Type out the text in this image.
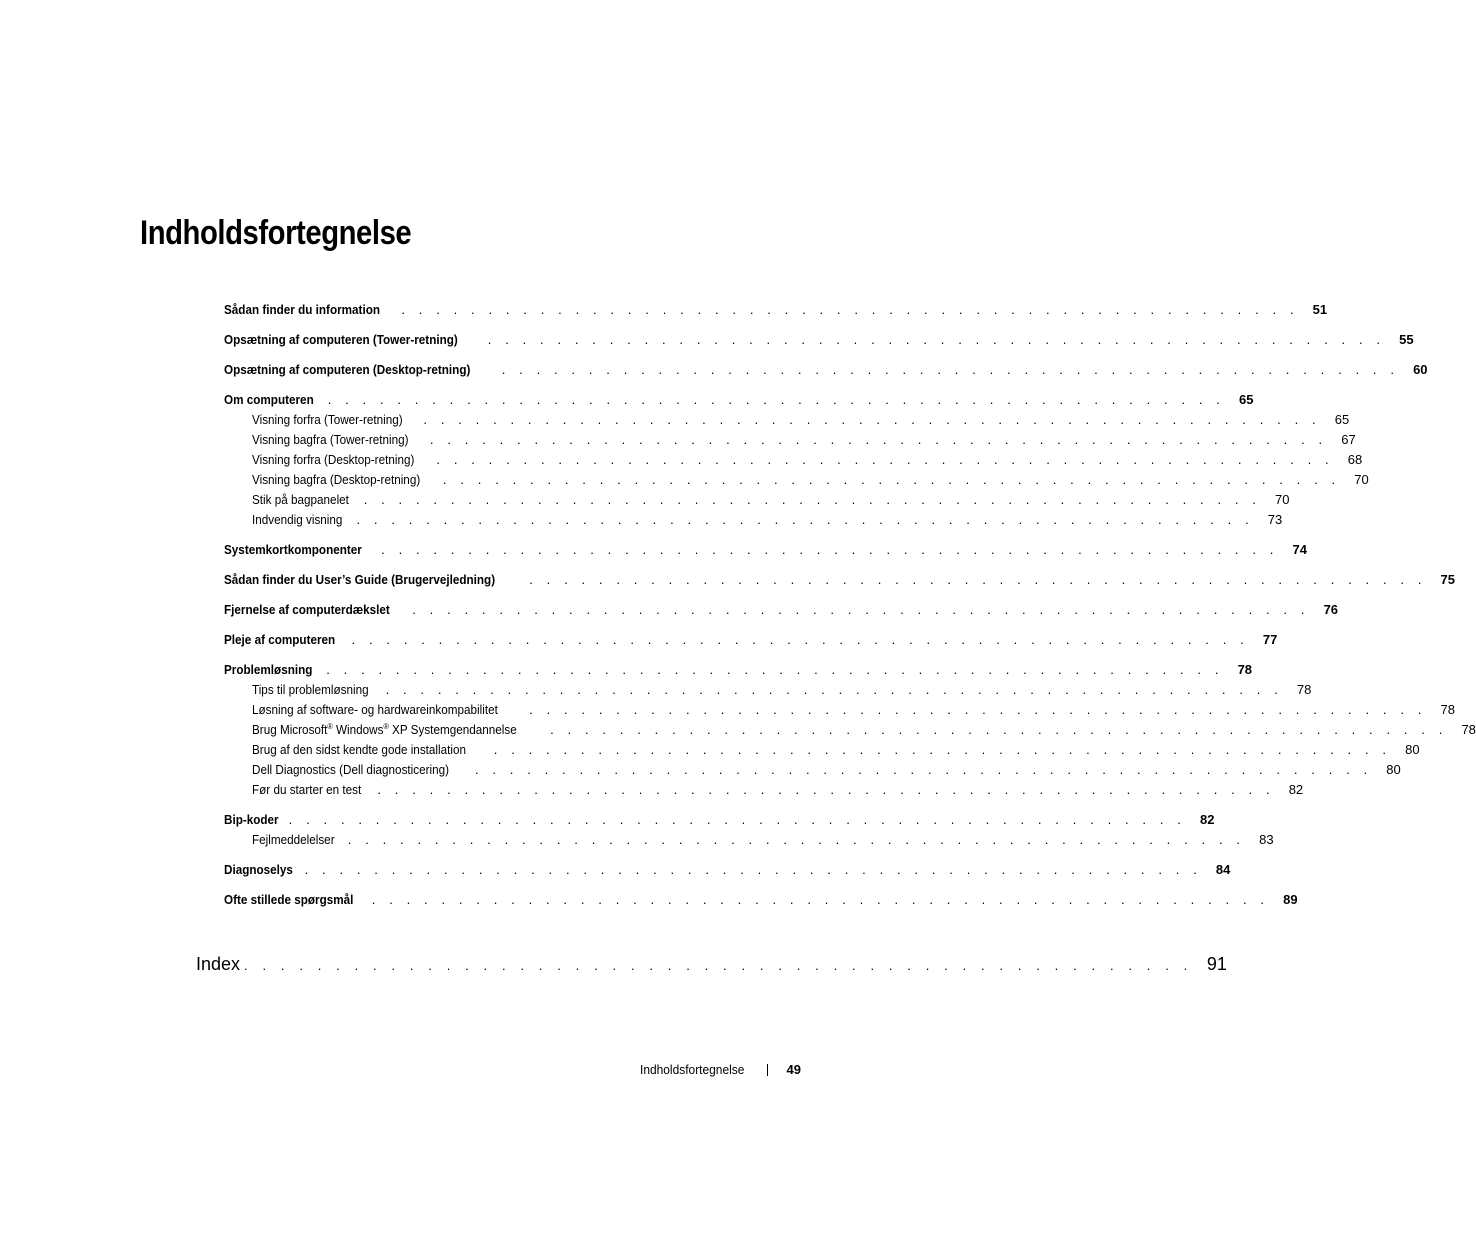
Indholdsfortegnelse
Sådan finder du information . . . . . . . . . . . . . . . . . . . . . . . . . . . . . . . . . . . . . . . . . . . . . . . . . . . . 51
Opsætning af computeren (Tower-retning) . . . . . . . . . . . . . . . . . . . . . . . . . . . . . . . . . . . . . . . . . . . . . . . . . . . . 55
Opsætning af computeren (Desktop-retning) . . . . . . . . . . . . . . . . . . . . . . . . . . . . . . . . . . . . . . . . . . . . . . . . . . . . 60
Om computeren . . . . . . . . . . . . . . . . . . . . . . . . . . . . . . . . . . . . . . . . . . . . . . . . . . . . 65
Visning forfra (Tower-retning) . . . . . . . . . . . . . . . . . . . . . . . . . . . . . . . . . . . . . . . . . . . . . . . . . . . . 65
Visning bagfra (Tower-retning) . . . . . . . . . . . . . . . . . . . . . . . . . . . . . . . . . . . . . . . . . . . . . . . . . . . . 67
Visning forfra (Desktop-retning) . . . . . . . . . . . . . . . . . . . . . . . . . . . . . . . . . . . . . . . . . . . . . . . . . . . . 68
Visning bagfra (Desktop-retning) . . . . . . . . . . . . . . . . . . . . . . . . . . . . . . . . . . . . . . . . . . . . . . . . . . . . 70
Stik på bagpanelet . . . . . . . . . . . . . . . . . . . . . . . . . . . . . . . . . . . . . . . . . . . . . . . . . . . . 70
Indvendig visning . . . . . . . . . . . . . . . . . . . . . . . . . . . . . . . . . . . . . . . . . . . . . . . . . . . . 73
Systemkortkomponenter . . . . . . . . . . . . . . . . . . . . . . . . . . . . . . . . . . . . . . . . . . . . . . . . . . . . 74
Sådan finder du User’s Guide (Brugervejledning)	. . . . . . . . . . . . . . . . . . . . . . . . . . . . . . . . . . . . . . . . . . . . . . . . . . . . 75
Fjernelse af computerdækslet . . . . . . . . . . . . . . . . . . . . . . . . . . . . . . . . . . . . . . . . . . . . . . . . . . . . 76
Pleje af computeren . . . . . . . . . . . . . . . . . . . . . . . . . . . . . . . . . . . . . . . . . . . . . . . . . . . . 77
Problemløsning . . . . . . . . . . . . . . . . . . . . . . . . . . . . . . . . . . . . . . . . . . . . . . . . . . . . 78
Tips til problemløsning . . . . . . . . . . . . . . . . . . . . . . . . . . . . . . . . . . . . . . . . . . . . . . . . . . . . 78
Løsning af software- og hardwareinkompabilitet . . . . . . . . . . . . . . . . . . . . . . . . . . . . . . . . . . . . . . . . . . . . . . . . . . . . 78
Brug Microsoft® Windows® XP Systemgendannelse	. . . . . . . . . . . . . . . . . . . . . . . . . . . . . . . . . . . . . . . . . . . . . . . . . . . . 78
Brug af den sidst kendte gode installation . . . . . . . . . . . . . . . . . . . . . . . . . . . . . . . . . . . . . . . . . . . . . . . . . . . . 80
Dell Diagnostics (Dell diagnosticering) . . . . . . . . . . . . . . . . . . . . . . . . . . . . . . . . . . . . . . . . . . . . . . . . . . . . 80
Før du starter en test . . . . . . . . . . . . . . . . . . . . . . . . . . . . . . . . . . . . . . . . . . . . . . . . . . . . 82
Bip-koder . . . . . . . . . . . . . . . . . . . . . . . . . . . . . . . . . . . . . . . . . . . . . . . . . . . . 82
Fejlmeddelelser . . . . . . . . . . . . . . . . . . . . . . . . . . . . . . . . . . . . . . . . . . . . . . . . . . . . 83
Diagnoselys . . . . . . . . . . . . . . . . . . . . . . . . . . . . . . . . . . . . . . . . . . . . . . . . . . . . 84
Ofte stillede spørgsmål . . . . . . . . . . . . . . . . . . . . . . . . . . . . . . . . . . . . . . . . . . . . . . . . . . . . 89
Index . . . . . . . . . . . . . . . . . . . . . . . . . . . . . . . . . . . . . . . . . . . . . . . . . . . . 91
Indholdsfortegnelse	49
